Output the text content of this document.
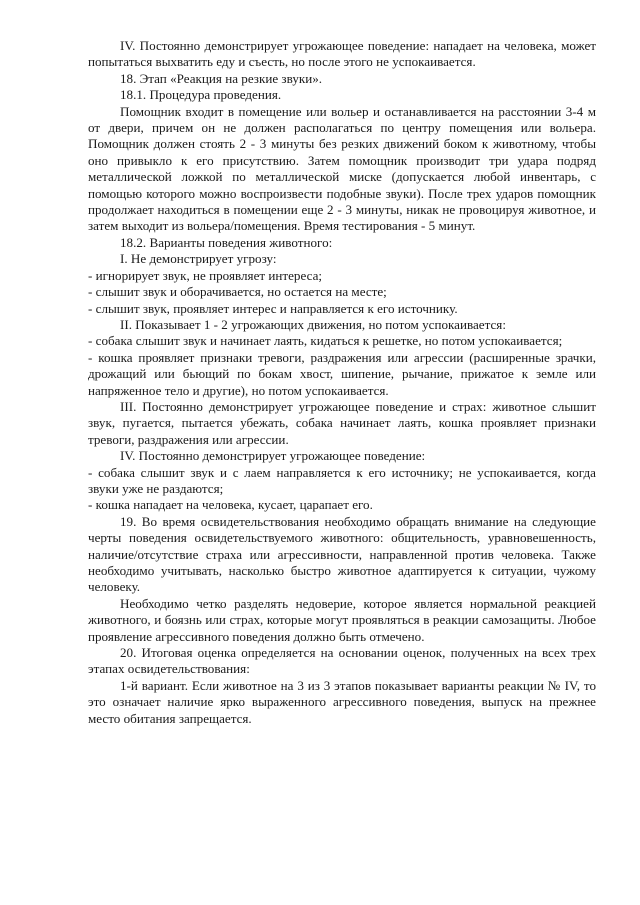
IV. Постоянно демонстрирует угрожающее поведение: нападает на человека, может попытаться выхватить еду и съесть, но после этого не успокаивается.

18. Этап «Реакция на резкие звуки».

18.1. Процедура проведения.

Помощник входит в помещение или вольер и останавливается на расстоянии 3-4 м от двери, причем он не должен располагаться по центру помещения или вольера. Помощник должен стоять 2 - 3 минуты без резких движений боком к животному, чтобы оно привыкло к его присутствию. Затем помощник производит три удара подряд металлической ложкой по металлической миске (допускается любой инвентарь, с помощью которого можно воспроизвести подобные звуки). После трех ударов помощник продолжает находиться в помещении еще 2 - 3 минуты, никак не провоцируя животное, и затем выходит из вольера/помещения. Время тестирования - 5 минут.

18.2. Варианты поведения животного:

I. Не демонстрирует угрозу:

- игнорирует звук, не проявляет интереса;

- слышит звук и оборачивается, но остается на месте;

- слышит звук, проявляет интерес и направляется к его источнику.

II. Показывает 1 - 2 угрожающих движения, но потом успокаивается:

- собака слышит звук и начинает лаять, кидаться к решетке, но потом успокаивается;

- кошка проявляет признаки тревоги, раздражения или агрессии (расширенные зрачки, дрожащий или бьющий по бокам хвост, шипение, рычание, прижатое к земле или напряженное тело и другие), но потом успокаивается.

III. Постоянно демонстрирует угрожающее поведение и страх: животное слышит звук, пугается, пытается убежать, собака начинает лаять, кошка проявляет признаки тревоги, раздражения или агрессии.

IV. Постоянно демонстрирует угрожающее поведение:

- собака слышит звук и с лаем направляется к его источнику; не успокаивается, когда звуки уже не раздаются;

- кошка нападает на человека, кусает, царапает его.

19. Во время освидетельствования необходимо обращать внимание на следующие черты поведения освидетельствуемого животного: общительность, уравновешенность, наличие/отсутствие страха или агрессивности, направленной против человека. Также необходимо учитывать, насколько быстро животное адаптируется к ситуации, чужому человеку.

Необходимо четко разделять недоверие, которое является нормальной реакцией животного, и боязнь или страх, которые могут проявляться в реакции самозащиты. Любое проявление агрессивного поведения должно быть отмечено.

20. Итоговая оценка определяется на основании оценок, полученных на всех трех этапах освидетельствования:

1-й вариант. Если животное на 3 из 3 этапов показывает варианты реакции № IV, то это означает наличие ярко выраженного агрессивного поведения, выпуск на прежнее место обитания запрещается.
